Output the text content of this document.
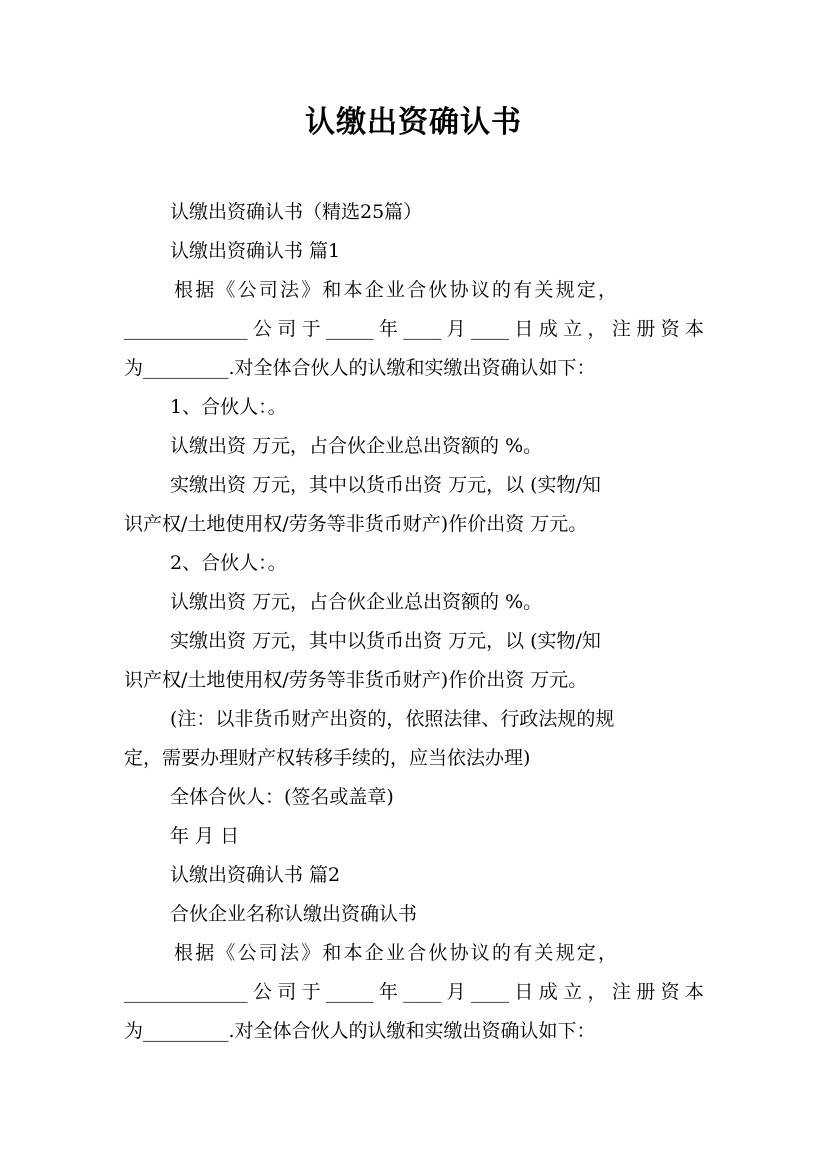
认缴出资确认书
认缴出资确认书（精选25篇）
认缴出资确认书 篇1
根据《公司法》和本企业合伙协议的有关规定，
_____________公司于_____年____月____日成立，注册资本
为_________.对全体合伙人的认缴和实缴出资确认如下：
1、合伙人：。
认缴出资 万元，占合伙企业总出资额的 %。
实缴出资 万元，其中以货币出资 万元，以 (实物/知
识产权/土地使用权/劳务等非货币财产)作价出资 万元。
2、合伙人：。
认缴出资 万元，占合伙企业总出资额的 %。
实缴出资 万元，其中以货币出资 万元，以 (实物/知
识产权/土地使用权/劳务等非货币财产)作价出资 万元。
(注：以非货币财产出资的，依照法律、行政法规的规
定，需要办理财产权转移手续的，应当依法办理)
全体合伙人：(签名或盖章)
年 月 日
认缴出资确认书 篇2
合伙企业名称认缴出资确认书
根据《公司法》和本企业合伙协议的有关规定，
_____________公司于_____年____月____日成立，注册资本
为_________.对全体合伙人的认缴和实缴出资确认如下：
